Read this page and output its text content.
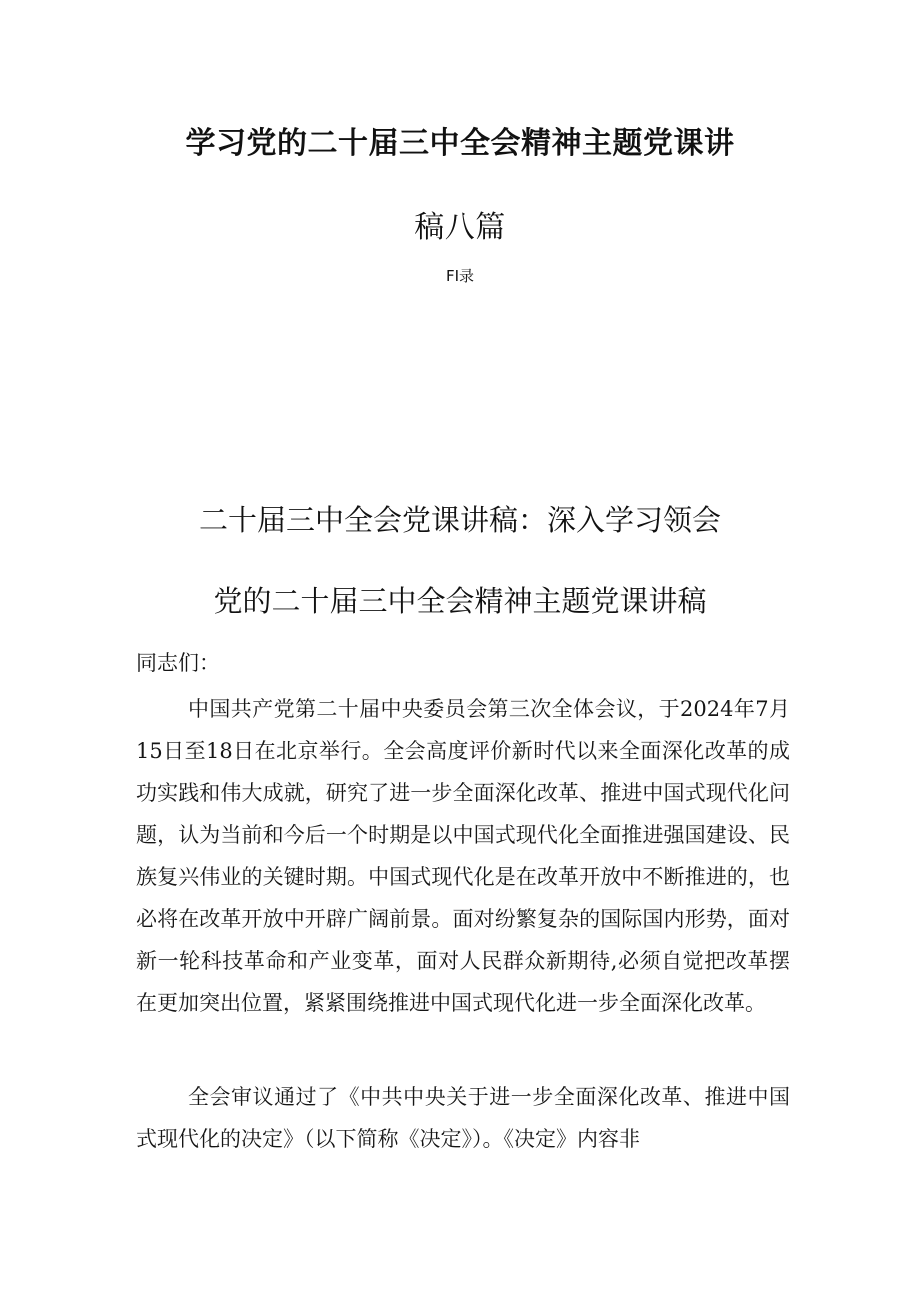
学习党的二十届三中全会精神主题党课讲
稿八篇
FI录
二十届三中全会党课讲稿：深入学习领会
党的二十届三中全会精神主题党课讲稿
同志们：
中国共产党第二十届中央委员会第三次全体会议，于2024年7月15日至18日在北京举行。全会高度评价新时代以来全面深化改革的成功实践和伟大成就，研究了进一步全面深化改革、推进中国式现代化问题，认为当前和今后一个时期是以中国式现代化全面推进强国建设、民族复兴伟业的关键时期。中国式现代化是在改革开放中不断推进的，也必将在改革开放中开辟广阔前景。面对纷繁复杂的国际国内形势，面对新一轮科技革命和产业变革，面对人民群众新期待,必须自觉把改革摆在更加突出位置，紧紧围绕推进中国式现代化进一步全面深化改革。
全会审议通过了《中共中央关于进一步全面深化改革、推进中国式现代化的决定》（以下简称《决定》）。《决定》内容非
